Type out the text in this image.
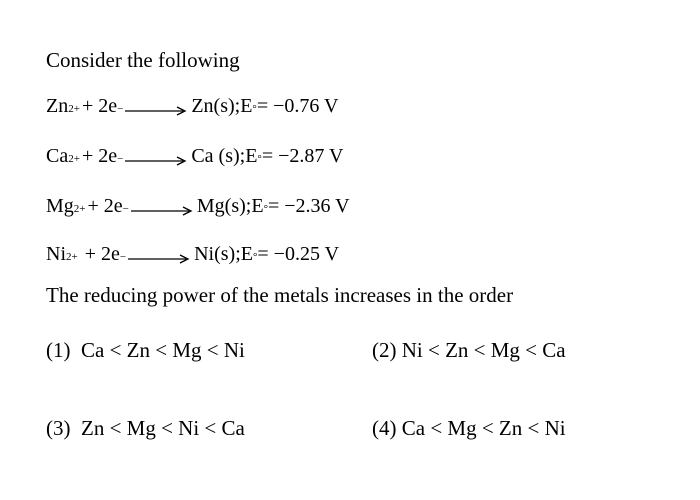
Consider the following
Zn 2+ + 2e − → Zn(s);E ° = −0.76 V
Ca 2+ + 2e − → Ca (s);E ° = −2.87 V
Mg 2+ + 2e − → Mg(s);E ° = −2.36 V
Ni 2+ + 2e − → Ni(s);E ° = −0.25 V
The reducing power of the metals increases in the order
(1) Ca < Zn < Mg < Ni	(2) Ni < Zn < Mg < Ca
(3) Zn < Mg < Ni < Ca	(4) Ca < Mg < Zn < Ni
